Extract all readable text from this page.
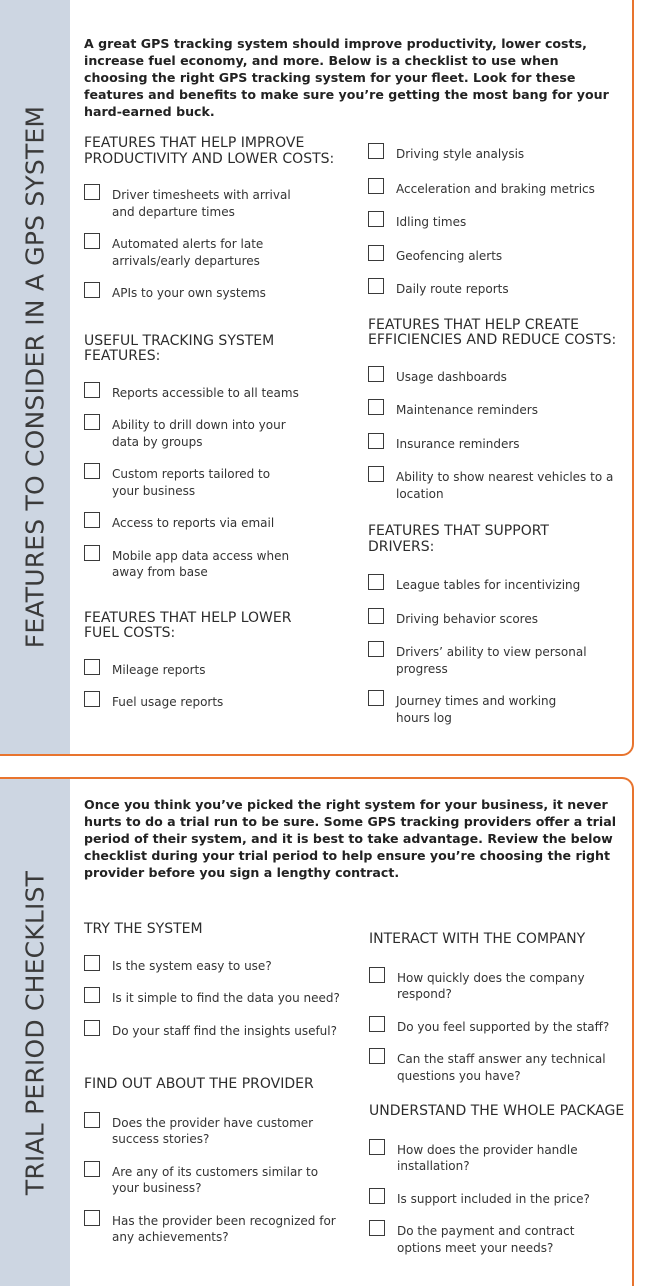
FEATURES TO CONSIDER IN A GPS SYSTEM

A great GPS tracking system should improve productivity, lower costs, increase fuel economy, and more. Below is a checklist to use when choosing the right GPS tracking system for your fleet. Look for these features and benefits to make sure you’re getting the most bang for your hard-earned buck.

FEATURES THAT HELP IMPROVE PRODUCTIVITY AND LOWER COSTS:
Driver timesheets with arrival and departure times
Automated alerts for late arrivals/early departures
APIs to your own systems
USEFUL TRACKING SYSTEM FEATURES:
Reports accessible to all teams
Ability to drill down into your data by groups
Custom reports tailored to your business
Access to reports via email
Mobile app data access when away from base
FEATURES THAT HELP LOWER FUEL COSTS:
Mileage reports
Fuel usage reports
Driving style analysis
Acceleration and braking metrics
Idling times
Geofencing alerts
Daily route reports
FEATURES THAT HELP CREATE EFFICIENCIES AND REDUCE COSTS:
Usage dashboards
Maintenance reminders
Insurance reminders
Ability to show nearest vehicles to a location
FEATURES THAT SUPPORT DRIVERS:
League tables for incentivizing
Driving behavior scores
Drivers’ ability to view personal progress
Journey times and working hours log
TRIAL PERIOD CHECKLIST

Once you think you’ve picked the right system for your business, it never hurts to do a trial run to be sure. Some GPS tracking providers offer a trial period of their system, and it is best to take advantage. Review the below checklist during your trial period to help ensure you’re choosing the right provider before you sign a lengthy contract.

TRY THE SYSTEM
Is the system easy to use?
Is it simple to find the data you need?
Do your staff find the insights useful?
FIND OUT ABOUT THE PROVIDER
Does the provider have customer success stories?
Are any of its customers similar to your business?
Has the provider been recognized for any achievements?
INTERACT WITH THE COMPANY
How quickly does the company respond?
Do you feel supported by the staff?
Can the staff answer any technical questions you have?
UNDERSTAND THE WHOLE PACKAGE
How does the provider handle installation?
Is support included in the price?
Do the payment and contract options meet your needs?
